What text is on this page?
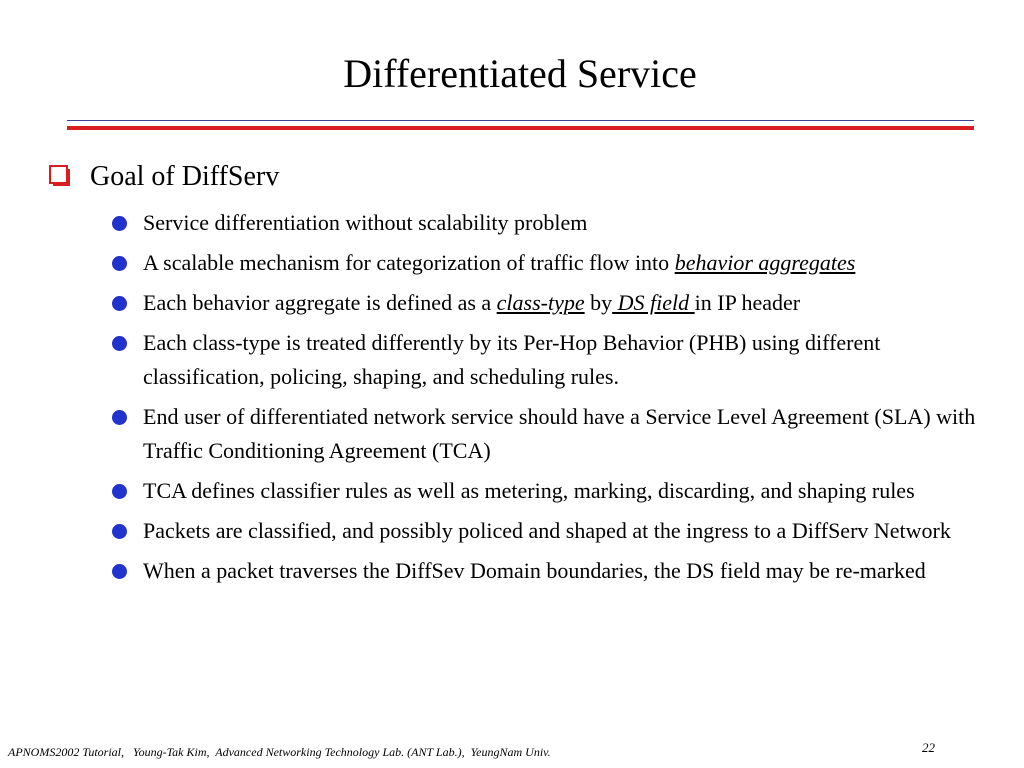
Differentiated Service
Goal of DiffServ
Service differentiation without scalability problem
A scalable mechanism for categorization of traffic flow into behavior aggregates
Each behavior aggregate is defined as a class-type by DS field in IP header
Each class-type is treated differently by its Per-Hop Behavior (PHB) using different classification, policing, shaping, and scheduling rules.
End user of differentiated network service should have a Service Level Agreement (SLA) with Traffic Conditioning Agreement (TCA)
TCA defines classifier rules as well as metering, marking, discarding, and shaping rules
Packets are classified, and possibly policed and shaped at the ingress to a DiffServ Network
When a packet traverses the DiffSev Domain boundaries, the DS field may be re-marked
APNOMS2002 Tutorial,   Young-Tak Kim,  Advanced Networking Technology Lab. (ANT Lab.),  YeungNam Univ.	22
